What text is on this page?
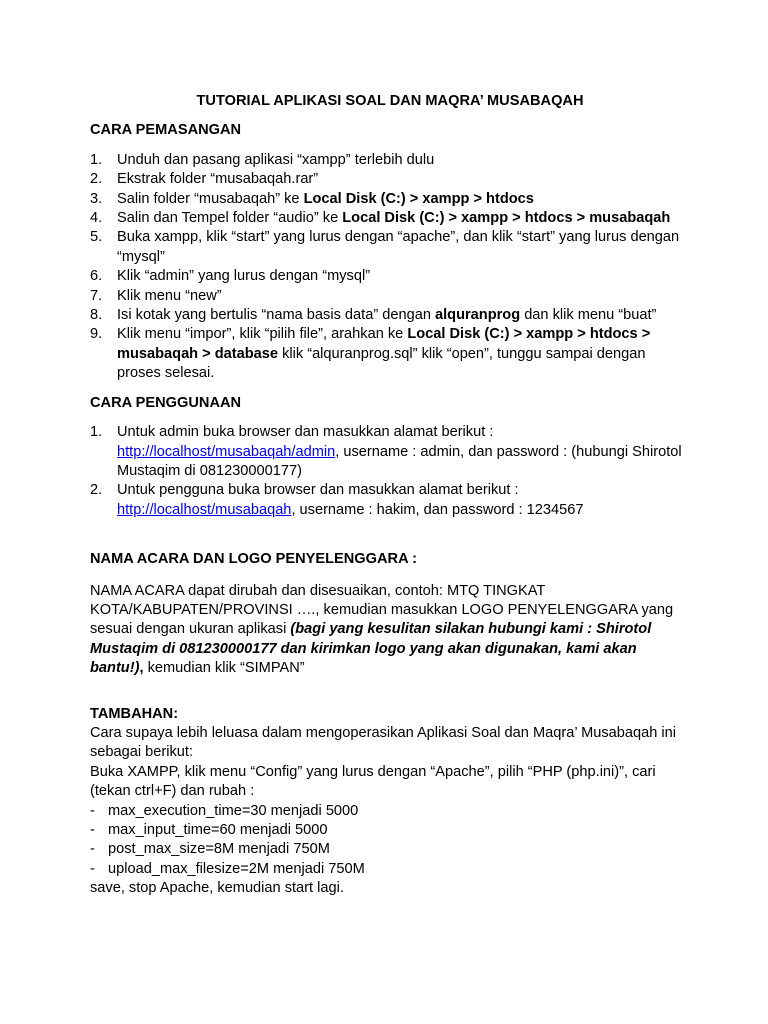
TUTORIAL APLIKASI SOAL DAN MAQRA’ MUSABAQAH
CARA PEMASANGAN
1. Unduh dan pasang aplikasi “xampp” terlebih dulu
2. Ekstrak folder “musabaqah.rar”
3. Salin folder “musabaqah” ke Local Disk (C:) > xampp > htdocs
4. Salin dan Tempel folder “audio” ke Local Disk (C:) > xampp > htdocs > musabaqah
5. Buka xampp, klik “start” yang lurus dengan “apache”, dan klik “start” yang lurus dengan “mysql”
6. Klik “admin” yang lurus dengan “mysql”
7. Klik menu “new”
8. Isi kotak yang bertulis “nama basis data” dengan alquranprog dan klik menu “buat”
9. Klik menu “impor”, klik “pilih file”, arahkan ke Local Disk (C:) > xampp > htdocs > musabaqah > database klik “alquranprog.sql” klik “open”, tunggu sampai dengan proses selesai.
CARA PENGGUNAAN
1. Untuk admin buka browser dan masukkan alamat berikut :
http://localhost/musabaqah/admin, username : admin, dan password : (hubungi Shirotol Mustaqim di 081230000177)
2. Untuk pengguna buka browser dan masukkan alamat berikut :
http://localhost/musabaqah, username : hakim, dan password : 1234567
NAMA ACARA DAN LOGO PENYELENGGARA :

NAMA ACARA dapat dirubah dan disesuaikan, contoh: MTQ TINGKAT KOTA/KABUPATEN/PROVINSI …., kemudian masukkan LOGO PENYELENGGARA yang sesuai dengan ukuran aplikasi (bagi yang kesulitan silakan hubungi kami : Shirotol Mustaqim di 081230000177 dan kirimkan logo yang akan digunakan, kami akan bantu!), kemudian klik “SIMPAN”

TAMBAHAN:

Cara supaya lebih leluasa dalam mengoperasikan Aplikasi Soal dan Maqra’ Musabaqah ini sebagai berikut:

Buka XAMPP, klik menu “Config” yang lurus dengan “Apache”, pilih “PHP (php.ini)”, cari (tekan ctrl+F) dan rubah :

- max_execution_time=30 menjadi 5000
- max_input_time=60 menjadi 5000
- post_max_size=8M menjadi 750M
- upload_max_filesize=2M menjadi 750M

save, stop Apache, kemudian start lagi.
